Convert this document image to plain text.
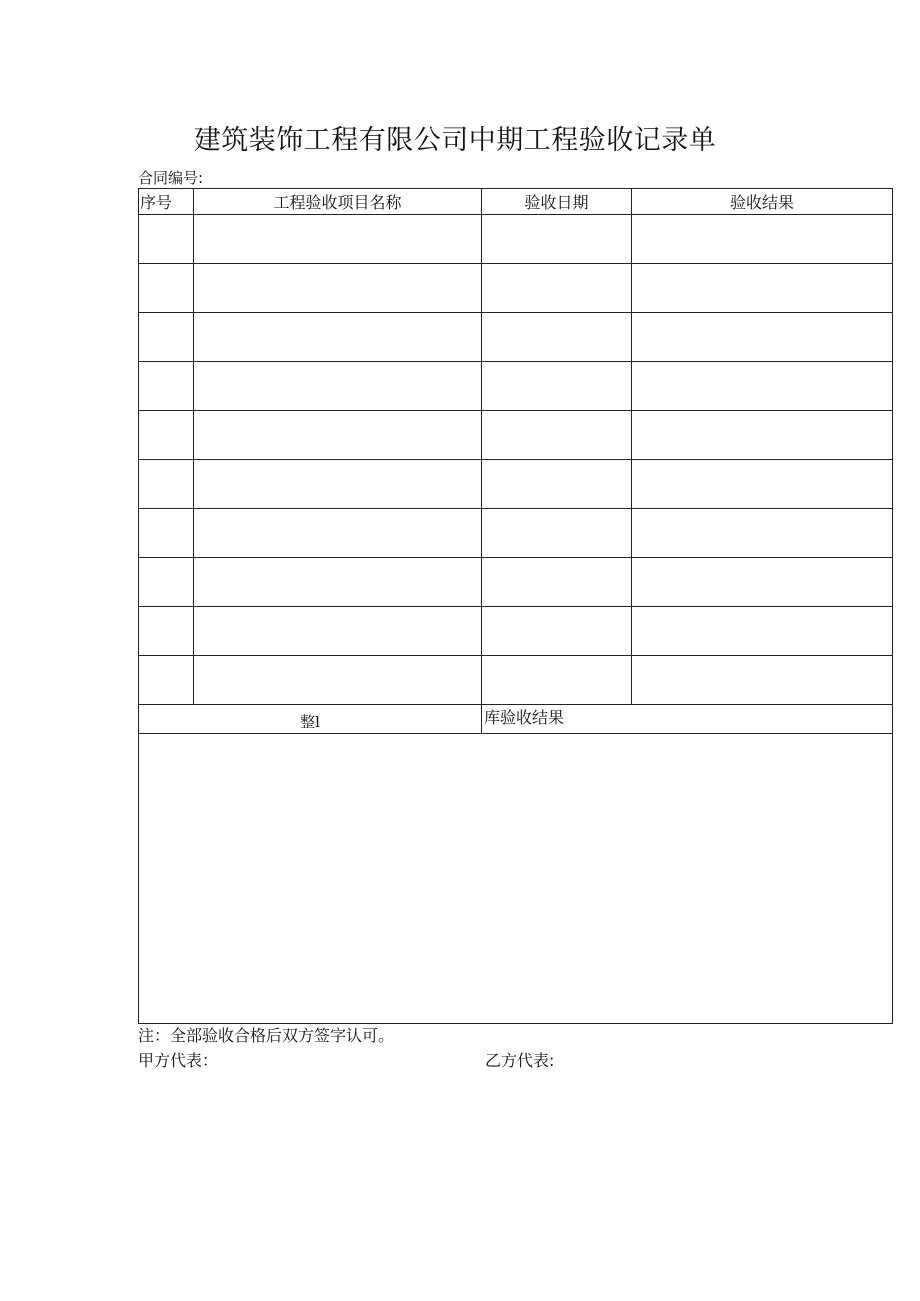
建筑装饰工程有限公司中期工程验收记录单
合同编号:
序号	工程验收项目名称	验收日期	验收结果

整l		库验收结果	

注：全部验收合格后双方签字认可。
甲方代表：	乙方代表:
